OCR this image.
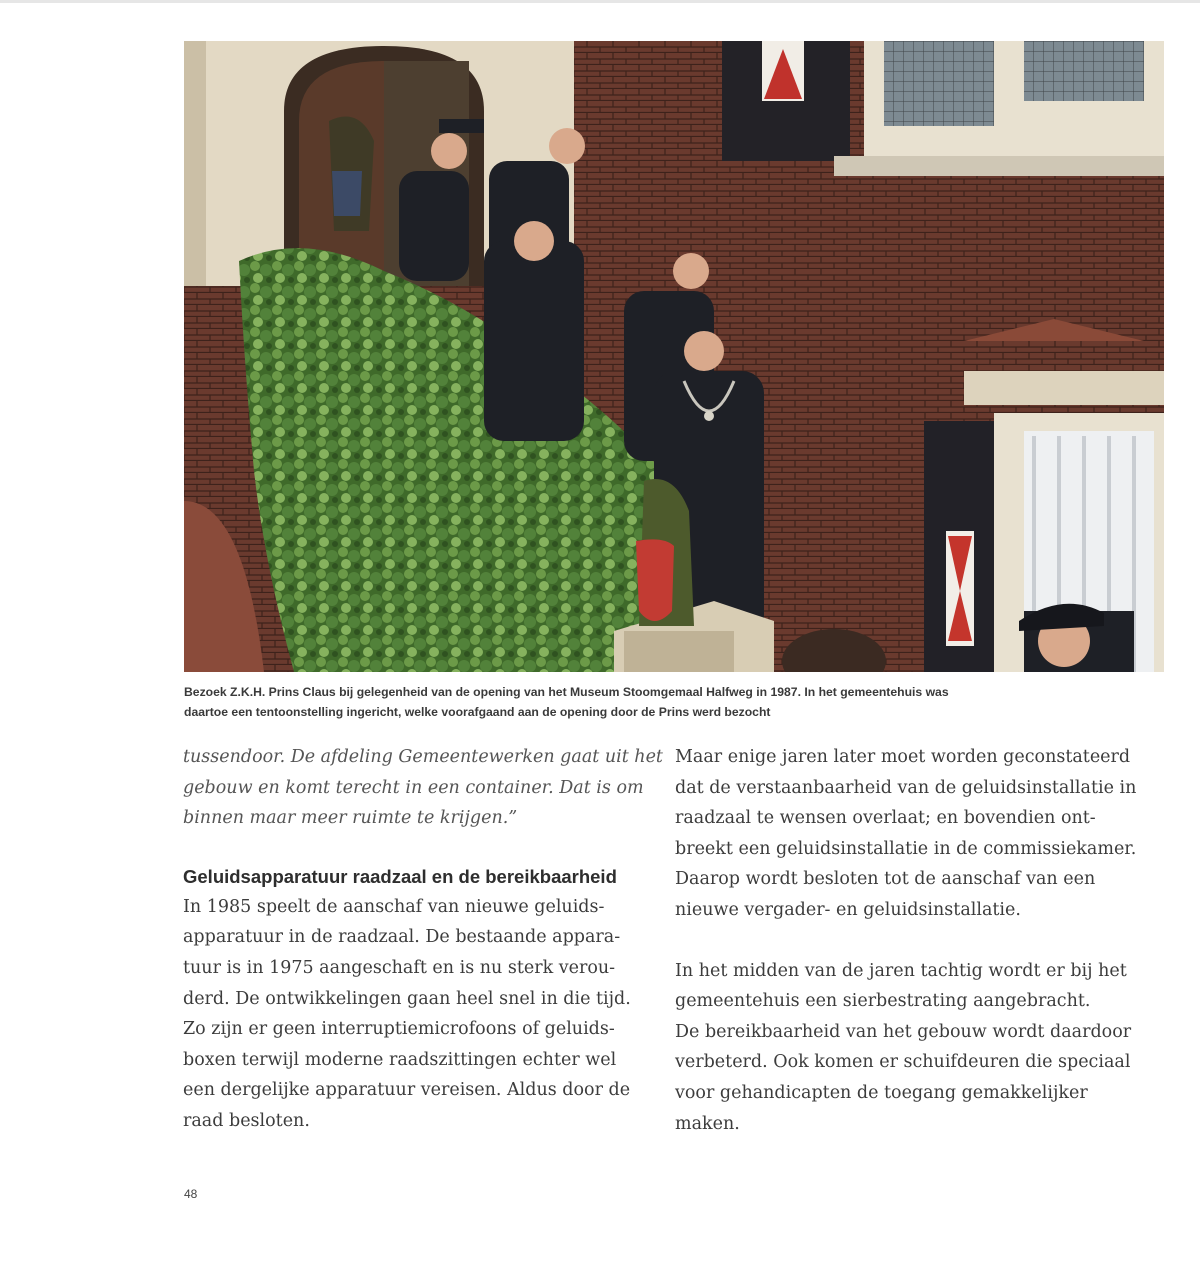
Bezoek Z.K.H. Prins Claus bij gelegenheid van de opening van het Museum Stoomgemaal Halfweg in 1987. In het gemeentehuis was
daartoe een tentoonstelling ingericht, welke voorafgaand aan de opening door de Prins werd bezocht

tussendoor. De afdeling Gemeentewerken gaat uit het
gebouw en komt terecht in een container. Dat is om
binnen maar meer ruimte te krijgen.”

Geluidsapparatuur raadzaal en de bereikbaarheid

In 1985 speelt de aanschaf van nieuwe geluids-
apparatuur in de raadzaal. De bestaande appara-
tuur is in 1975 aangeschaft en is nu sterk verou-
derd. De ontwikkelingen gaan heel snel in die tijd.
Zo zijn er geen interruptiemicrofoons of geluids-
boxen terwijl moderne raadszittingen echter wel
een dergelijke apparatuur vereisen. Aldus door de
raad besloten.

Maar enige jaren later moet worden geconstateerd
dat de verstaanbaarheid van de geluidsinstallatie in
raadzaal te wensen overlaat; en bovendien ont-
breekt een geluidsinstallatie in de commissiekamer.
Daarop wordt besloten tot de aanschaf van een
nieuwe vergader- en geluidsinstallatie.

In het midden van de jaren tachtig wordt er bij het
gemeentehuis een sierbestrating aangebracht.
De bereikbaarheid van het gebouw wordt daardoor
verbeterd. Ook komen er schuifdeuren die speciaal
voor gehandicapten de toegang gemakkelijker
maken.

48
